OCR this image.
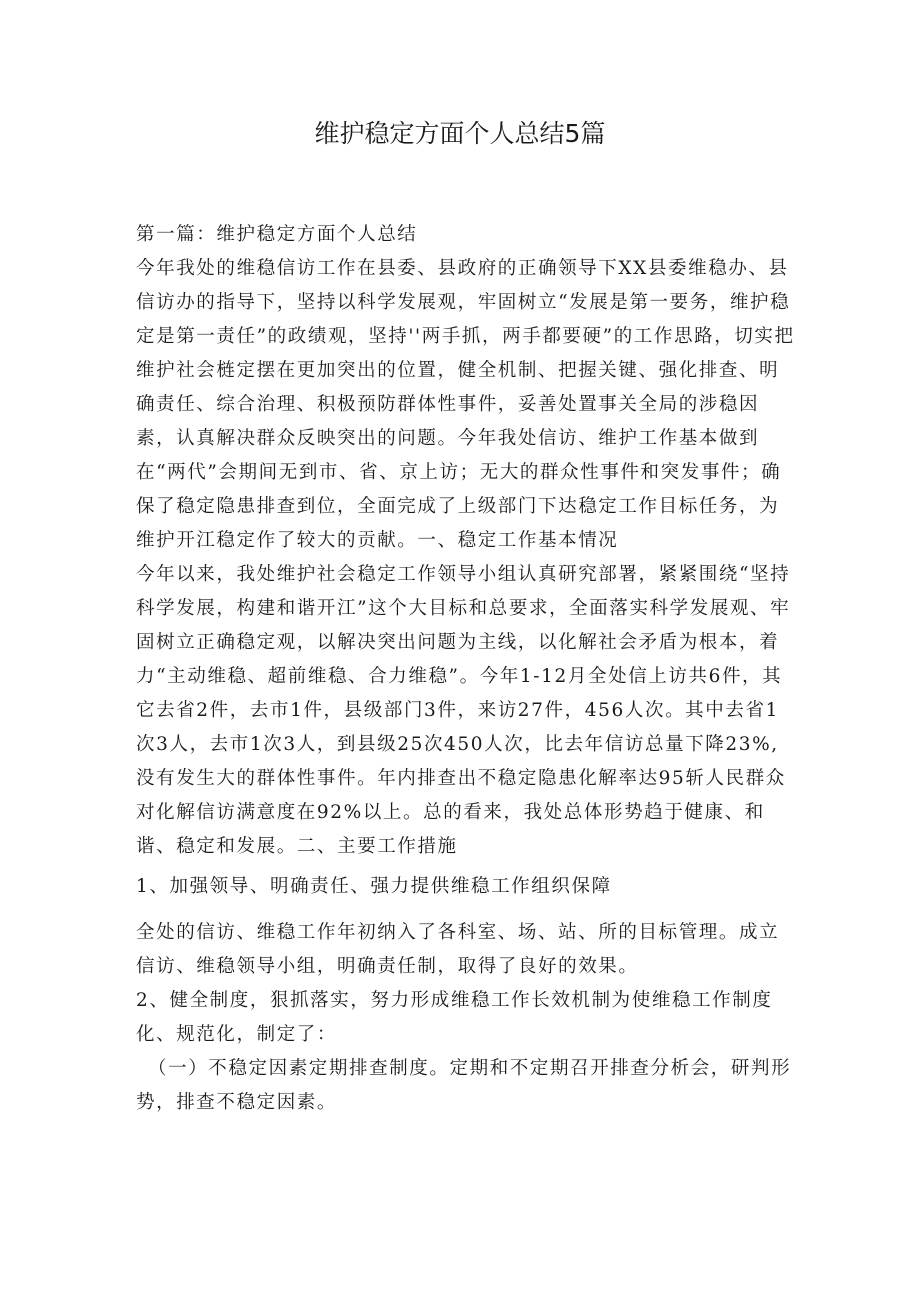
维护稳定方面个人总结5篇

第一篇：维护稳定方面个人总结

今年我处的维稳信访工作在县委、县政府的正确领导下XX县委维稳办、县信访办的指导下，坚持以科学发展观，牢固树立“发展是第一要务，维护稳定是第一责任”的政绩观，坚持''两手抓，两手都要硬”的工作思路，切实把维护社会梿定摆在更加突出的位置，健全机制、把握关键、强化排查、明确责任、综合治理、积极预防群体性事件，妥善处置事关全局的涉稳因素，认真解决群众反映突出的问题。今年我处信访、维护工作基本做到在“两代”会期间无到市、省、京上访；无大的群众性事件和突发事件；确保了稳定隐患排查到位，全面完成了上级部门下达稳定工作目标任务，为维护开江稳定作了较大的贡献。一、稳定工作基本情况

今年以来，我处维护社会稳定工作领导小组认真研究部署，紧紧围绕“坚持科学发展，构建和谐开江”这个大目标和总要求，全面落实科学发展观、牢固树立正确稳定观，以解决突出问题为主线，以化解社会矛盾为根本，着力“主动维稳、超前维稳、合力维稳”。今年1-12月全处信上访共6件，其它去省2件，去市1件，县级部门3件，来访27件，456人次。其中去省1次3人，去市1次3人，到县级25次450人次，比去年信访总量下降23%,没有发生大的群体性事件。年内排查出不稳定隐患化解率达95斩人民群众对化解信访满意度在92%以上。总的看来，我处总体形势趋于健康、和谐、稳定和发展。二、主要工作措施

1、加强领导、明确责任、强力提供维稳工作组织保障

全处的信访、维稳工作年初纳入了各科室、场、站、所的目标管理。成立信访、维稳领导小组，明确责任制，取得了良好的效果。

2、健全制度，狠抓落实，努力形成维稳工作长效机制为使维稳工作制度化、规范化，制定了：

（一）不稳定因素定期排查制度。定期和不定期召开排查分析会，研判形势，排查不稳定因素。
